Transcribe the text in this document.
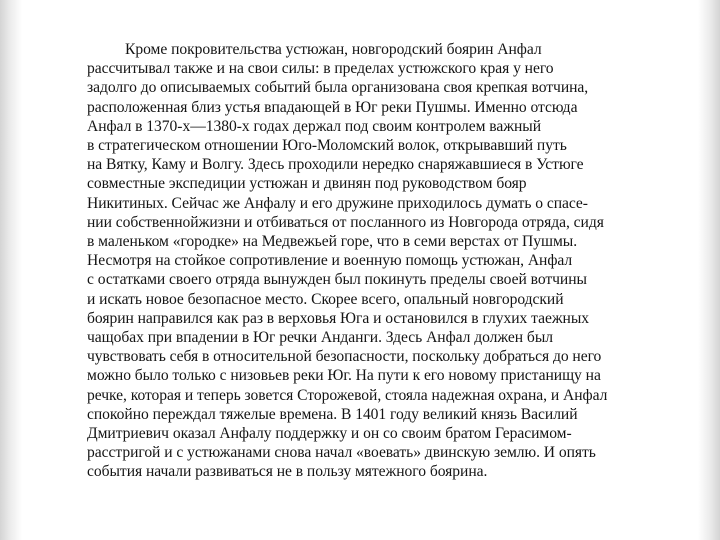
Кроме покровительства устюжан, новгородский боярин Анфал
рассчитывал также и на свои силы: в пределах устюжского края у него
задолго до описываемых событий была организована своя крепкая вотчина,
расположенная близ устья впадающей в Юг реки Пушмы. Именно отсюда
Анфал в 1370-х—1380-х годах держал под своим контролем важный
в стратегическом отношении Юго-Моломский волок, открывавший путь
на Вятку, Каму и Волгу. Здесь проходили нередко снаряжавшиеся в Устюге
совместные экспедиции устюжан и двинян под руководством бояр
Никитиных. Сейчас же Анфалу и его дружине приходилось думать о спасе-
нии собственнойжизни и отбиваться от посланного из Новгорода отряда, сидя
в маленьком «городке» на Медвежьей горе, что в семи верстах от Пушмы.
Несмотря на стойкое сопротивление и военную помощь устюжан, Анфал
с остатками своего отряда вынужден был покинуть пределы своей вотчины
и искать новое безопасное место. Скорее всего, опальный новгородский
боярин направился как раз в верховья Юга и остановился в глухих таежных
чащобах при впадении в Юг речки Анданги. Здесь Анфал должен был
чувствовать себя в относительной безопасности, поскольку добраться до него
можно было только с низовьев реки Юг. На пути к его новому пристанищу на
речке, которая и теперь зовется Сторожевой, стояла надежная охрана, и Анфал
спокойно переждал тяжелые времена. В 1401 году великий князь Василий
Дмитриевич оказал Анфалу поддержку и он со своим братом Герасимом-
расстригой и с устюжанами снова начал «воевать» двинскую землю. И опять
события начали развиваться не в пользу мятежного боярина.
